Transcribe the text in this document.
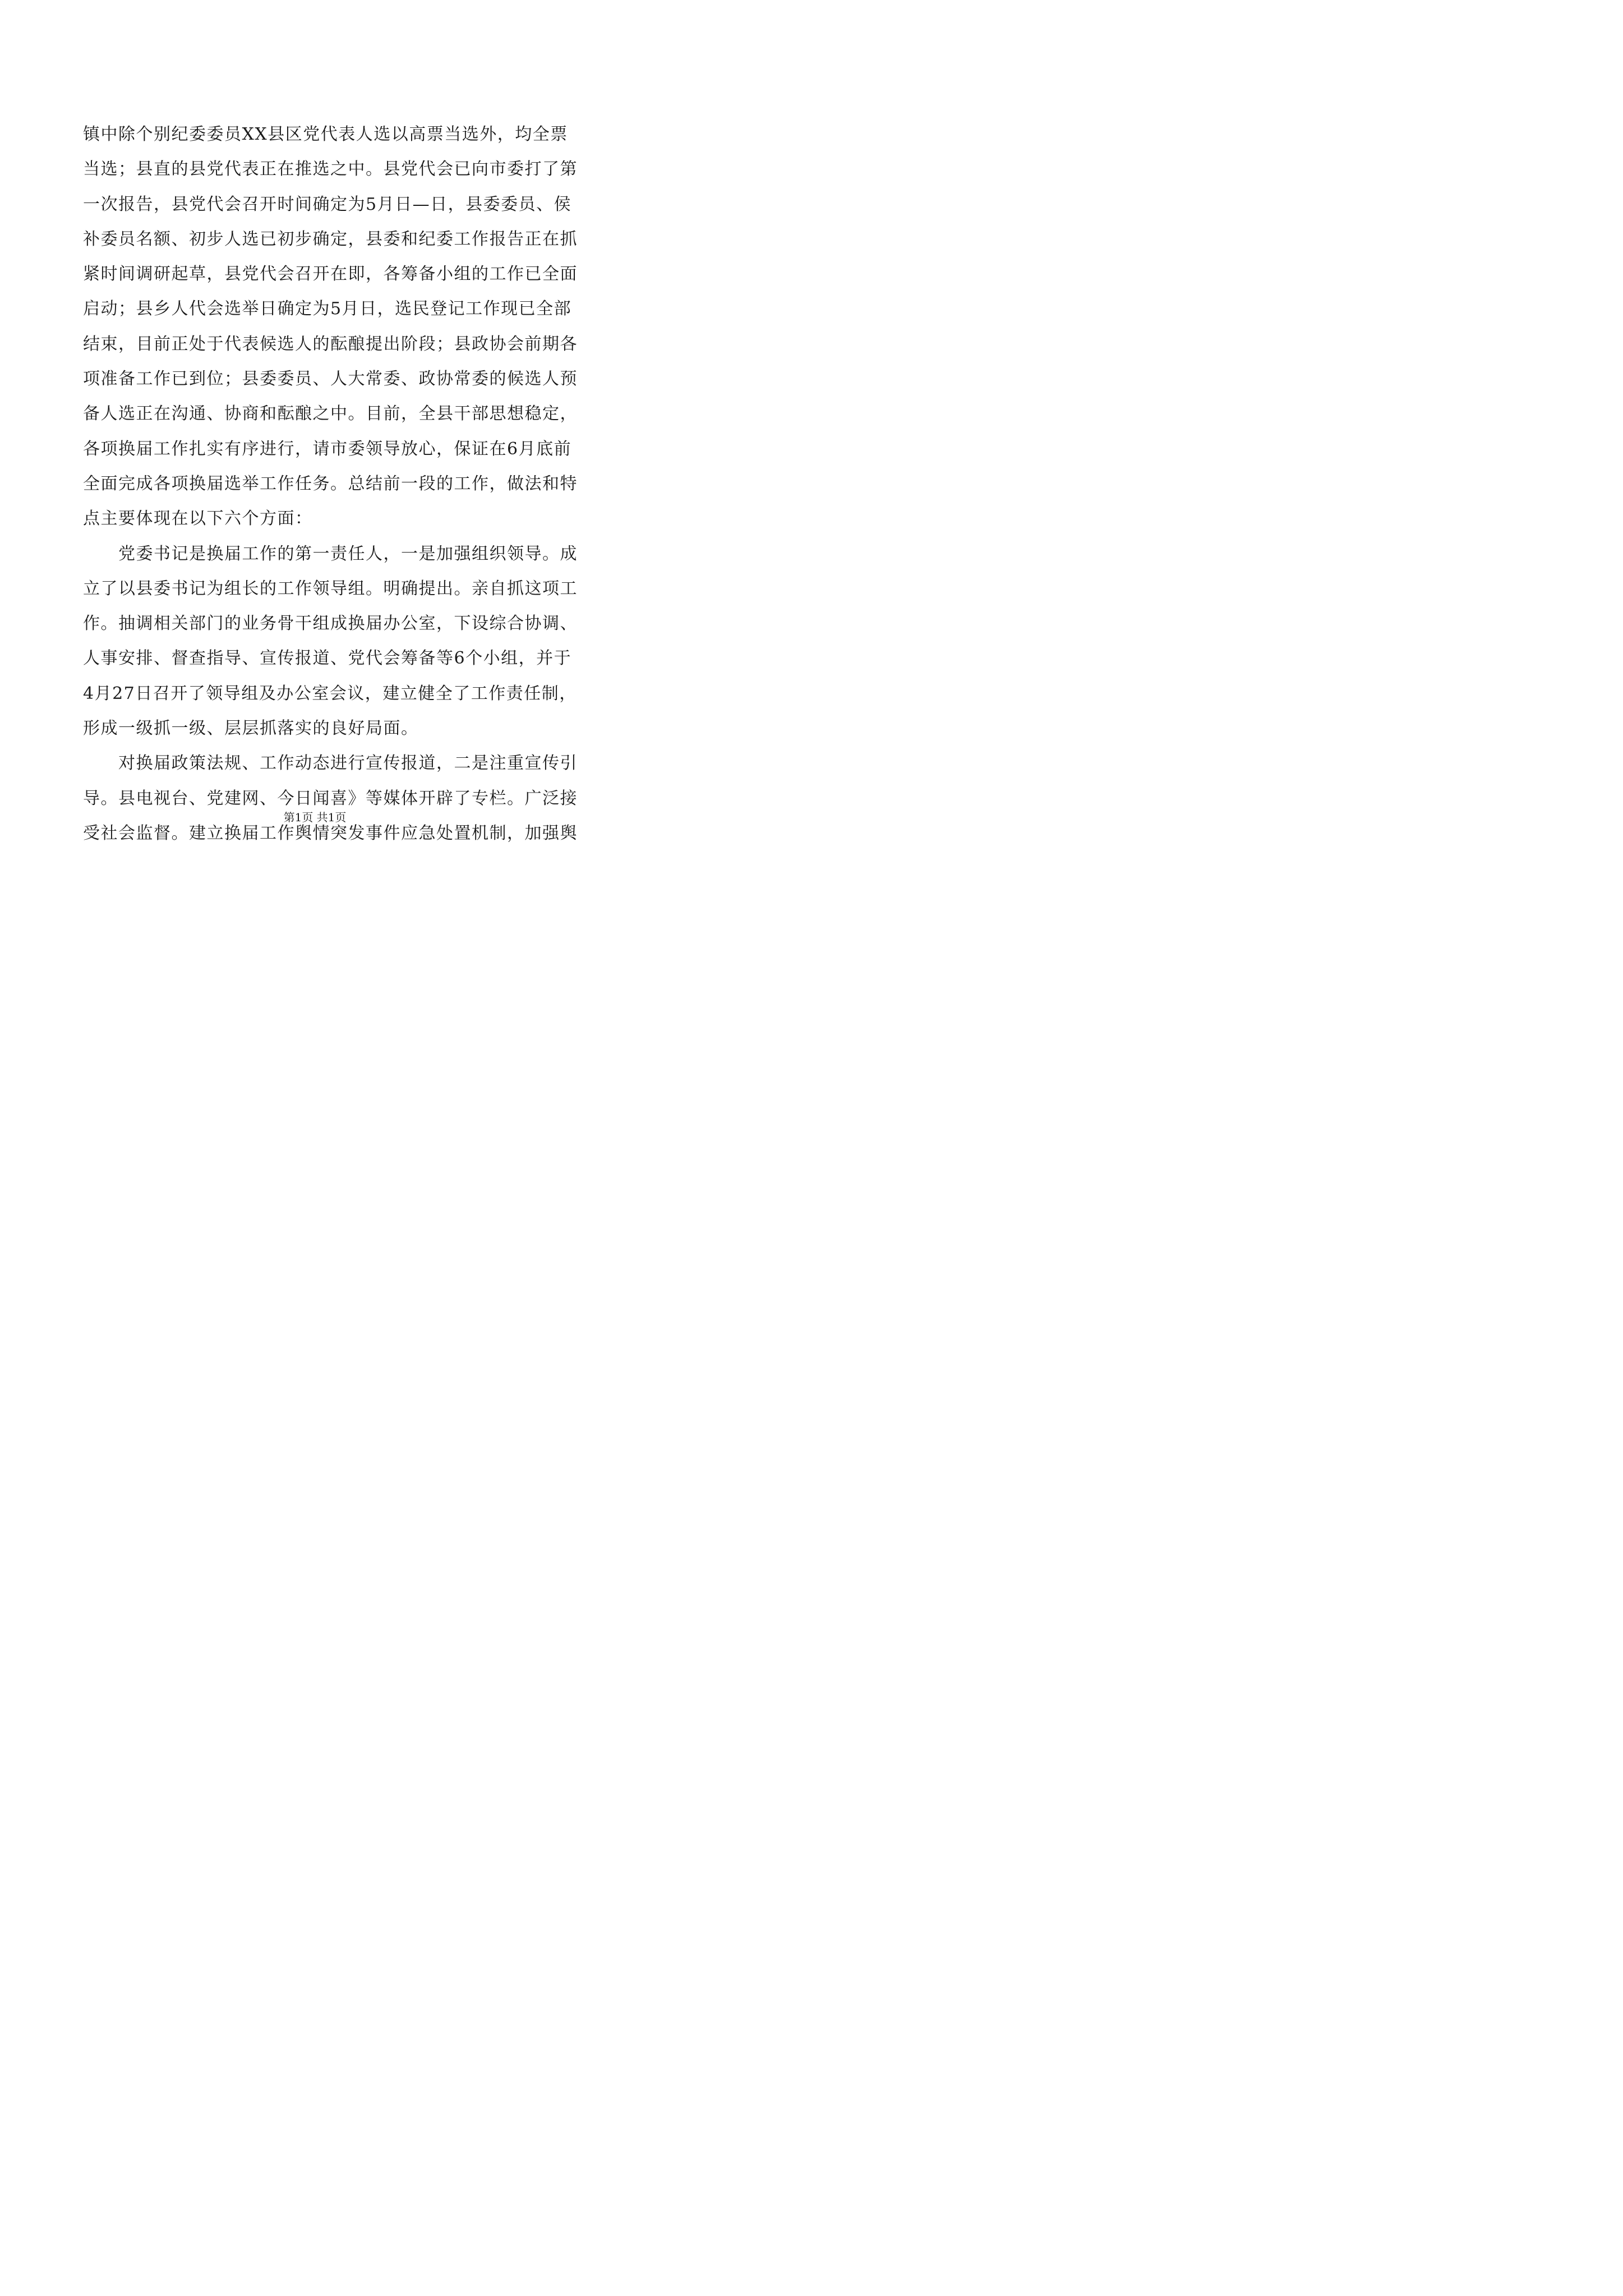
镇中除个别纪委委员XX县区党代表人选以高票当选外，均全票
当选；县直的县党代表正在推选之中。县党代会已向市委打了第
一次报告，县党代会召开时间确定为5月日—日，县委委员、侯
补委员名额、初步人选已初步确定，县委和纪委工作报告正在抓
紧时间调研起草，县党代会召开在即，各筹备小组的工作已全面
启动；县乡人代会选举日确定为5月日，选民登记工作现已全部
结束，目前正处于代表候选人的酝酿提出阶段；县政协会前期各
项准备工作已到位；县委委员、人大常委、政协常委的候选人预
备人选正在沟通、协商和酝酿之中。目前，全县干部思想稳定，
各项换届工作扎实有序进行，请市委领导放心，保证在6月底前
全面完成各项换届选举工作任务。总结前一段的工作，做法和特
点主要体现在以下六个方面：
　　党委书记是换届工作的第一责任人，一是加强组织领导。成
立了以县委书记为组长的工作领导组。明确提出。亲自抓这项工
作。抽调相关部门的业务骨干组成换届办公室，下设综合协调、
人事安排、督查指导、宣传报道、党代会筹备等6个小组，并于
4月27日召开了领导组及办公室会议，建立健全了工作责任制，
形成一级抓一级、层层抓落实的良好局面。
　　对换届政策法规、工作动态进行宣传报道，二是注重宣传引
导。县电视台、党建网、今日闻喜》等媒体开辟了专栏。广泛接
受社会监督。建立换届工作舆情突发事件应急处置机制，加强舆
第1页 共1页
